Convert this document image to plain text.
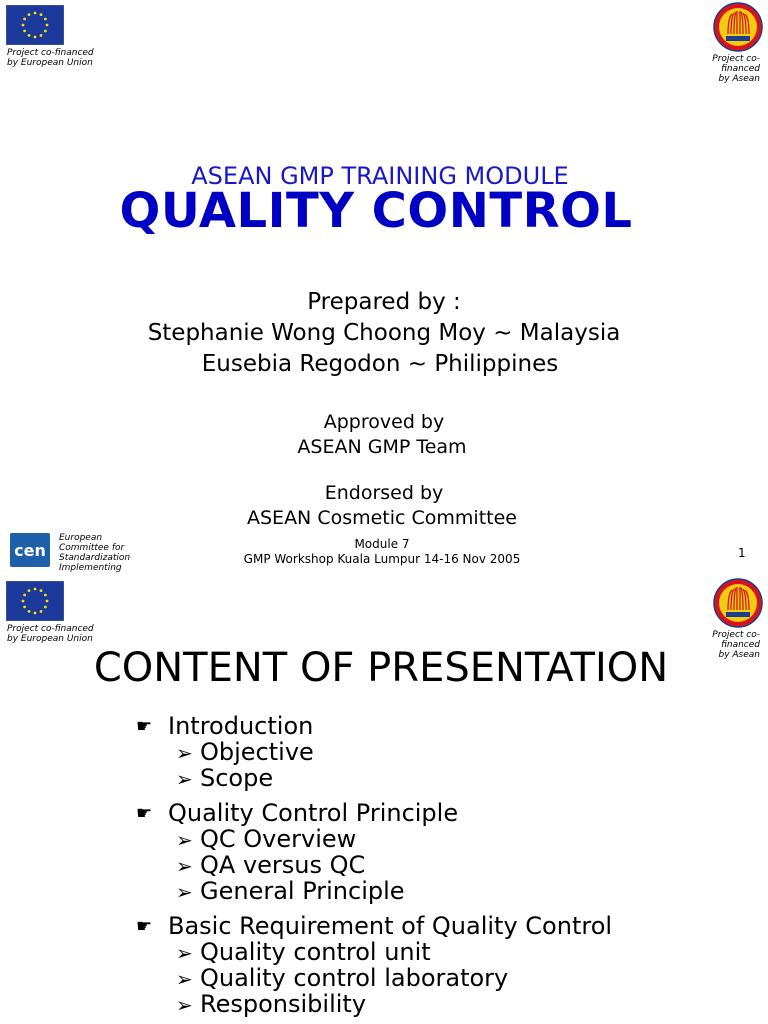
Project co-financed
by European Union	Project co-
financed
by Asean
ASEAN GMP TRAINING MODULE
QUALITY CONTROL
Prepared by :
Stephanie Wong Choong Moy ~ Malaysia
Eusebia Regodon ~ Philippines
Approved by
ASEAN GMP Team
Endorsed by
ASEAN Cosmetic Committee
cen
European
Committee for
Standardization
Implementing
Module 7
GMP Workshop Kuala Lumpur 14-16 Nov 2005	1
Project co-financed
by European Union	Project co-
financed
by Asean
CONTENT OF PRESENTATION
☛ Introduction
➢ Objective
➢ Scope
☛ Quality Control Principle
➢ QC Overview
➢ QA versus QC
➢ General Principle
☛ Basic Requirement of Quality Control
➢ Quality control unit
➢ Quality control laboratory
➢ Responsibility
